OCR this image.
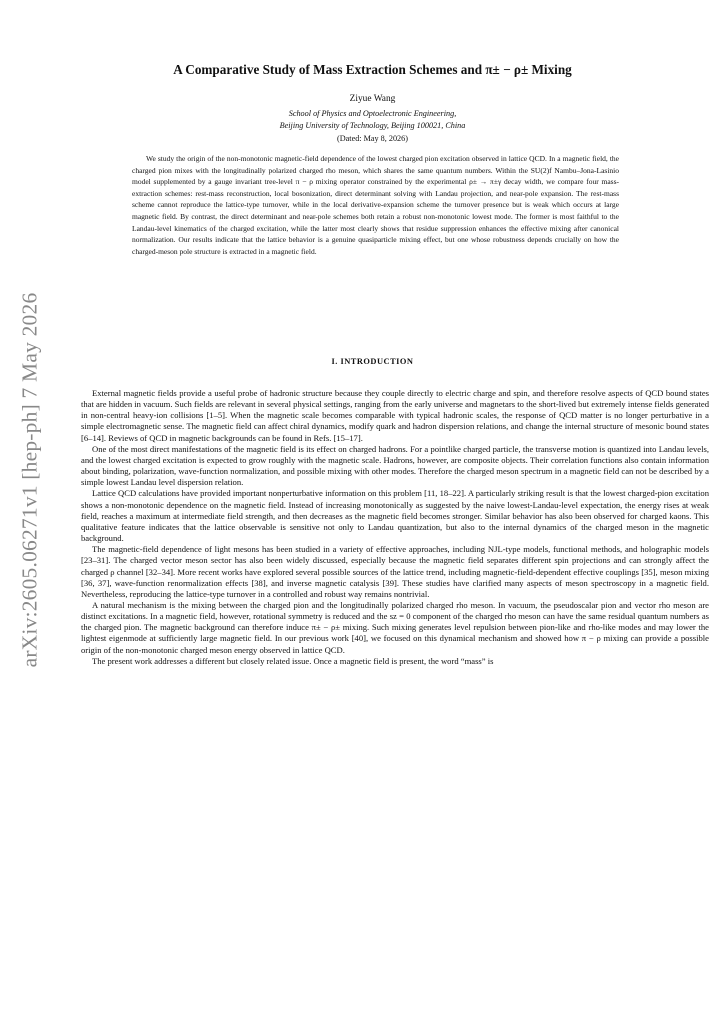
arXiv:2605.06271v1 [hep-ph] 7 May 2026
A Comparative Study of Mass Extraction Schemes and π± − ρ± Mixing
Ziyue Wang
School of Physics and Optoelectronic Engineering,
Beijing University of Technology, Beijing 100021, China
(Dated: May 8, 2026)
We study the origin of the non-monotonic magnetic-field dependence of the lowest charged pion excitation observed in lattice QCD. In a magnetic field, the charged pion mixes with the longitudinally polarized charged rho meson, which shares the same quantum numbers. Within the SU(2)f Nambu–Jona-Lasinio model supplemented by a gauge invariant tree-level π − ρ mixing operator constrained by the experimental ρ± → π±γ decay width, we compare four mass-extraction schemes: rest-mass reconstruction, local bosonization, direct determinant solving with Landau projection, and near-pole expansion. The rest-mass scheme cannot reproduce the lattice-type turnover, while in the local derivative-expansion scheme the turnover presence but is weak which occurs at large magnetic field. By contrast, the direct determinant and near-pole schemes both retain a robust non-monotonic lowest mode. The former is most faithful to the Landau-level kinematics of the charged excitation, while the latter most clearly shows that residue suppression enhances the effective mixing after canonical normalization. Our results indicate that the lattice behavior is a genuine quasiparticle mixing effect, but one whose robustness depends crucially on how the charged-meson pole structure is extracted in a magnetic field.
I. INTRODUCTION

External magnetic fields provide a useful probe of hadronic structure because they couple directly to electric charge and spin, and therefore resolve aspects of QCD bound states that are hidden in vacuum. Such fields are relevant in several physical settings, ranging from the early universe and magnetars to the short-lived but extremely intense fields generated in non-central heavy-ion collisions [1–5]. When the magnetic scale becomes comparable with typical hadronic scales, the response of QCD matter is no longer perturbative in a simple electromagnetic sense. The magnetic field can affect chiral dynamics, modify quark and hadron dispersion relations, and change the internal structure of mesonic bound states [6–14]. Reviews of QCD in magnetic backgrounds can be found in Refs. [15–17].

One of the most direct manifestations of the magnetic field is its effect on charged hadrons. For a pointlike charged particle, the transverse motion is quantized into Landau levels, and the lowest charged excitation is expected to grow roughly with the magnetic scale. Hadrons, however, are composite objects. Their correlation functions also contain information about binding, polarization, wave-function normalization, and possible mixing with other modes. Therefore the charged meson spectrum in a magnetic field can not be described by a simple lowest Landau level dispersion relation.

Lattice QCD calculations have provided important nonperturbative information on this problem [11, 18–22]. A particularly striking result is that the lowest charged-pion excitation shows a non-monotonic dependence on the magnetic field. Instead of increasing monotonically as suggested by the naive lowest-Landau-level expectation, the energy rises at weak field, reaches a maximum at intermediate field strength, and then decreases as the magnetic field becomes stronger. Similar behavior has also been observed for charged kaons. This qualitative feature indicates that the lattice observable is sensitive not only to Landau quantization, but also to the internal dynamics of the charged meson in the magnetic background.

The magnetic-field dependence of light mesons has been studied in a variety of effective approaches, including NJL-type models, functional methods, and holographic models [23–31]. The charged vector meson sector has also been widely discussed, especially because the magnetic field separates different spin projections and can strongly affect the charged ρ channel [32–34]. More recent works have explored several possible sources of the lattice trend, including magnetic-field-dependent effective couplings [35], meson mixing [36, 37], wave-function renormalization effects [38], and inverse magnetic catalysis [39]. These studies have clarified many aspects of meson spectroscopy in a magnetic field. Nevertheless, reproducing the lattice-type turnover in a controlled and robust way remains nontrivial.

A natural mechanism is the mixing between the charged pion and the longitudinally polarized charged rho meson. In vacuum, the pseudoscalar pion and vector rho meson are distinct excitations. In a magnetic field, however, rotational symmetry is reduced and the sz = 0 component of the charged rho meson can have the same residual quantum numbers as the charged pion. The magnetic background can therefore induce π± − ρ± mixing. Such mixing generates level repulsion between pion-like and rho-like modes and may lower the lightest eigenmode at sufficiently large magnetic field. In our previous work [40], we focused on this dynamical mechanism and showed how π − ρ mixing can provide a possible origin of the non-monotonic charged meson energy observed in lattice QCD.

The present work addresses a different but closely related issue. Once a magnetic field is present, the word “mass” is
